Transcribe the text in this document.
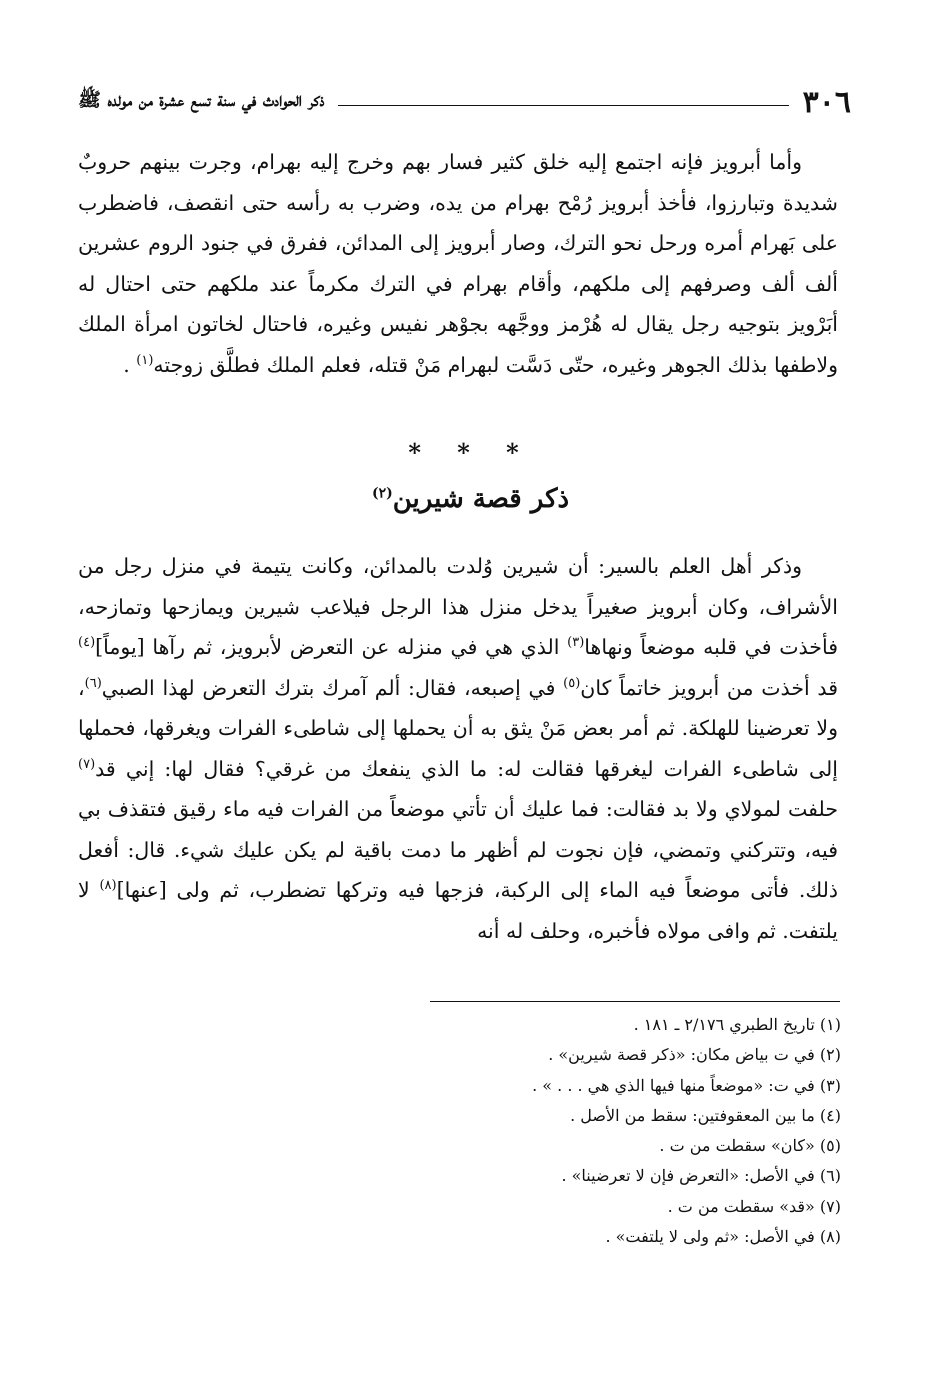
٣٠٦
ذكر الحوادث في سنة تسع عشرة من مولده ﷺ

وأما أبرويز فإنه اجتمع إليه خلق كثير فسار بهم وخرج إليه بهرام، وجرت بينهم حروبٌ شديدة وتبارزوا، فأخذ أبرويز رُمْح بهرام من يده، وضرب به رأسه حتى انقصف، فاضطرب على بَهرام أمره ورحل نحو الترك، وصار أبرويز إلى المدائن، ففرق في جنود الروم عشرين ألف ألف وصرفهم إلى ملكهم، وأقام بهرام في الترك مكرماً عند ملكهم حتى احتال له أبَرْويز بتوجيه رجل يقال له هُرْمز ووجَّهه بجوْهر نفيس وغيره، فاحتال لخاتون امرأة الملك ولاطفها بذلك الجوهر وغيره، حتّى دَسَّت لبهرام مَنْ قتله، فعلم الملك فطلَّق زوجته$^{(١)}$ .

* * *
ذكر قصة شيرين$^{(٢)}$

وذكر أهل العلم بالسير: أن شيرين وُلدت بالمدائن، وكانت يتيمة في منزل رجل من الأشراف، وكان أبرويز صغيراً يدخل منزل هذا الرجل فيلاعب شيرين ويمازحها وتمازحه، فأخذت في قلبه موضعاً ونهاها$^{(٣)}$ الذي هي في منزله عن التعرض لأبرويز، ثم رآها [يوماً]$^{(٤)}$ قد أخذت من أبرويز خاتماً كان$^{(٥)}$ في إصبعه، فقال: ألم آمرك بترك التعرض لهذا الصبي$^{(٦)}$، ولا تعرضينا للهلكة. ثم أمر بعض مَنْ يثق به أن يحملها إلى شاطىء الفرات ويغرقها، فحملها إلى شاطىء الفرات ليغرقها فقالت له: ما الذي ينفعك من غرقي؟ فقال لها: إني قد$^{(٧)}$ حلفت لمولاي ولا بد فقالت: فما عليك أن تأتي موضعاً من الفرات فيه ماء رقيق فتقذف بي فيه، وتتركني وتمضي، فإن نجوت لم أظهر ما دمت باقية لم يكن عليك شيء. قال: أفعل ذلك. فأتى موضعاً فيه الماء إلى الركبة، فزجها فيه وتركها تضطرب، ثم ولى [عنها]$^{(٨)}$ لا يلتفت. ثم وافى مولاه فأخبره، وحلف له أنه

(١) تاريخ الطبري ٢/١٧٦ ـ ١٨١ .
(٢) في ت بياض مكان: «ذكر قصة شيرين» .
(٣) في ت: «موضعاً منها فيها الذي هي . . . » .
(٤) ما بين المعقوفتين: سقط من الأصل .
(٥) «كان» سقطت من ت .
(٦) في الأصل: «التعرض فإن لا تعرضينا» .
(٧) «قد» سقطت من ت .
(٨) في الأصل: «ثم ولى لا يلتفت» .
